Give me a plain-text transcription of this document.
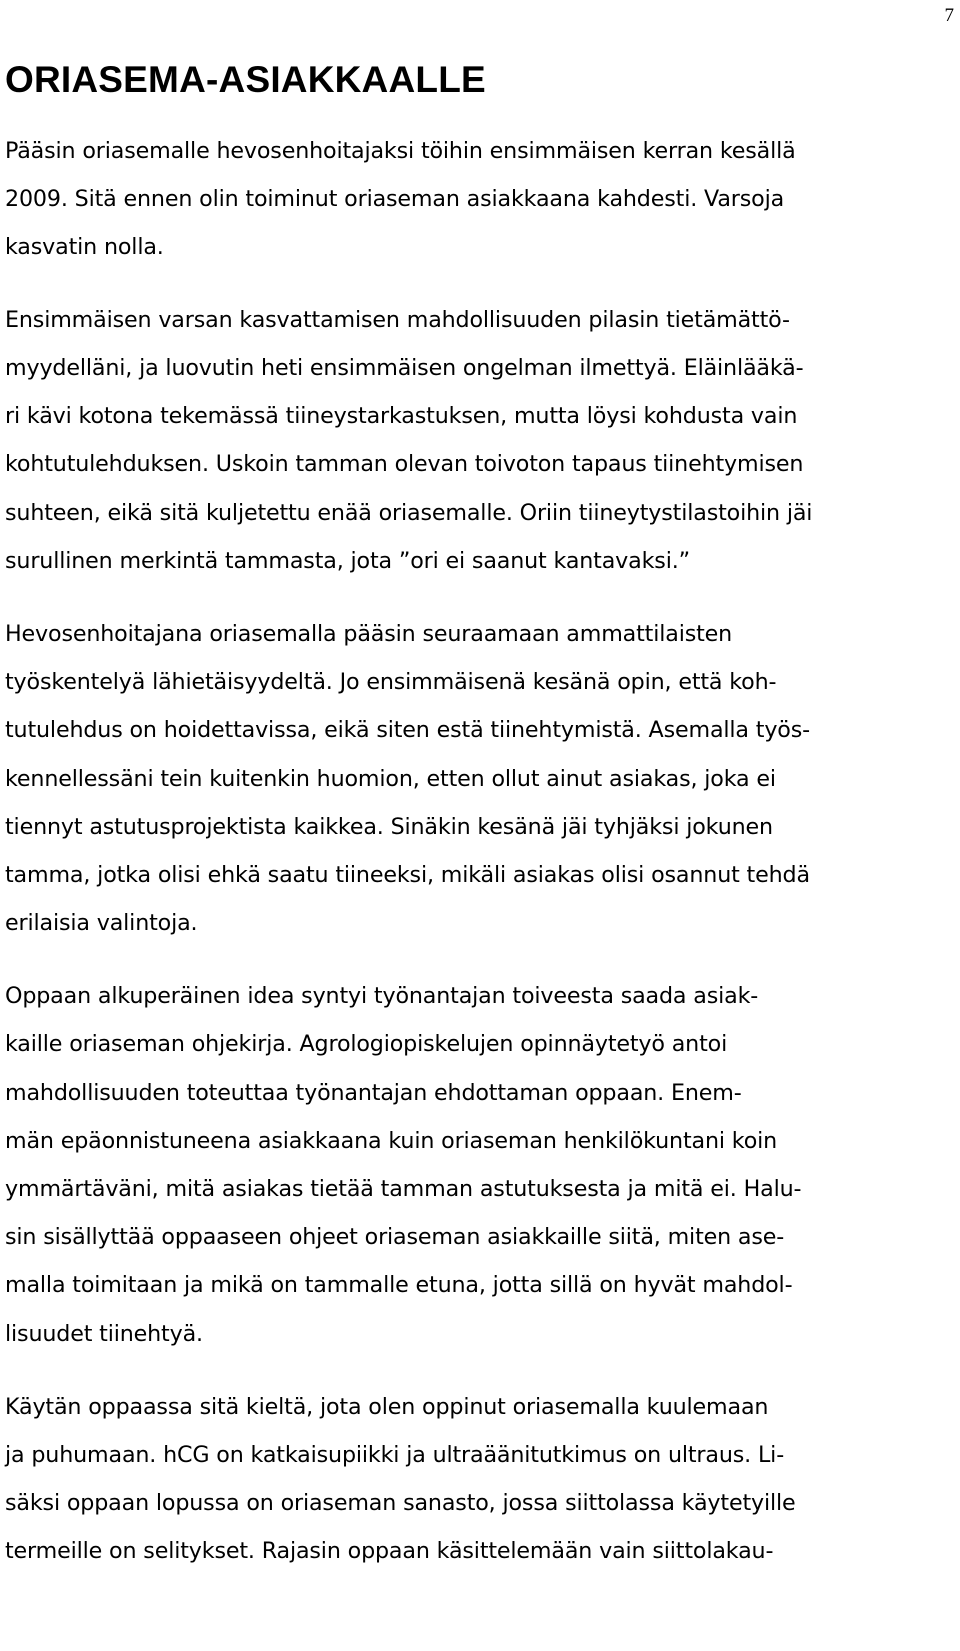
7
ORIASEMA-ASIAKKAALLE
Pääsin oriasemalle hevosenhoitajaksi töihin ensimmäisen kerran kesällä
2009. Sitä ennen olin toiminut oriaseman asiakkaana kahdesti. Varsoja
kasvatin nolla.
Ensimmäisen varsan kasvattamisen mahdollisuuden pilasin tietämättö-
myydelläni, ja luovutin heti ensimmäisen ongelman ilmettyä. Eläinlääkä-
ri kävi kotona tekemässä tiineystarkastuksen, mutta löysi kohdusta vain
kohtutulehduksen. Uskoin tamman olevan toivoton tapaus tiinehtymisen
suhteen, eikä sitä kuljetettu enää oriasemalle. Oriin tiineytystilastoihin jäi
surullinen merkintä tammasta, jota ”ori ei saanut kantavaksi.”
Hevosenhoitajana oriasemalla pääsin seuraamaan ammattilaisten
työskentelyä lähietäisyydeltä. Jo ensimmäisenä kesänä opin, että koh-
tutulehdus on hoidettavissa, eikä siten estä tiinehtymistä. Asemalla työs-
kennellessäni tein kuitenkin huomion, etten ollut ainut asiakas, joka ei
tiennyt astutusprojektista kaikkea. Sinäkin kesänä jäi tyhjäksi jokunen
tamma, jotka olisi ehkä saatu tiineeksi, mikäli asiakas olisi osannut tehdä
erilaisia valintoja.
Oppaan alkuperäinen idea syntyi työnantajan toiveesta saada asiak-
kaille oriaseman ohjekirja. Agrologiopiskelujen opinnäytetyö antoi
mahdollisuuden toteuttaa työnantajan ehdottaman oppaan. Enem-
män epäonnistuneena asiakkaana kuin oriaseman henkilökuntani koin
ymmärtäväni, mitä asiakas tietää tamman astutuksesta ja mitä ei. Halu-
sin sisällyttää oppaaseen ohjeet oriaseman asiakkaille siitä, miten ase-
malla toimitaan ja mikä on tammalle etuna, jotta sillä on hyvät mahdol-
lisuudet tiinehtyä.
Käytän oppaassa sitä kieltä, jota olen oppinut oriasemalla kuulemaan
ja puhumaan. hCG on katkaisupiikki ja ultraäänitutkimus on ultraus. Li-
säksi oppaan lopussa on oriaseman sanasto, jossa siittolassa käytetyille
termeille on selitykset. Rajasin oppaan käsittelemään vain siittolakau-
